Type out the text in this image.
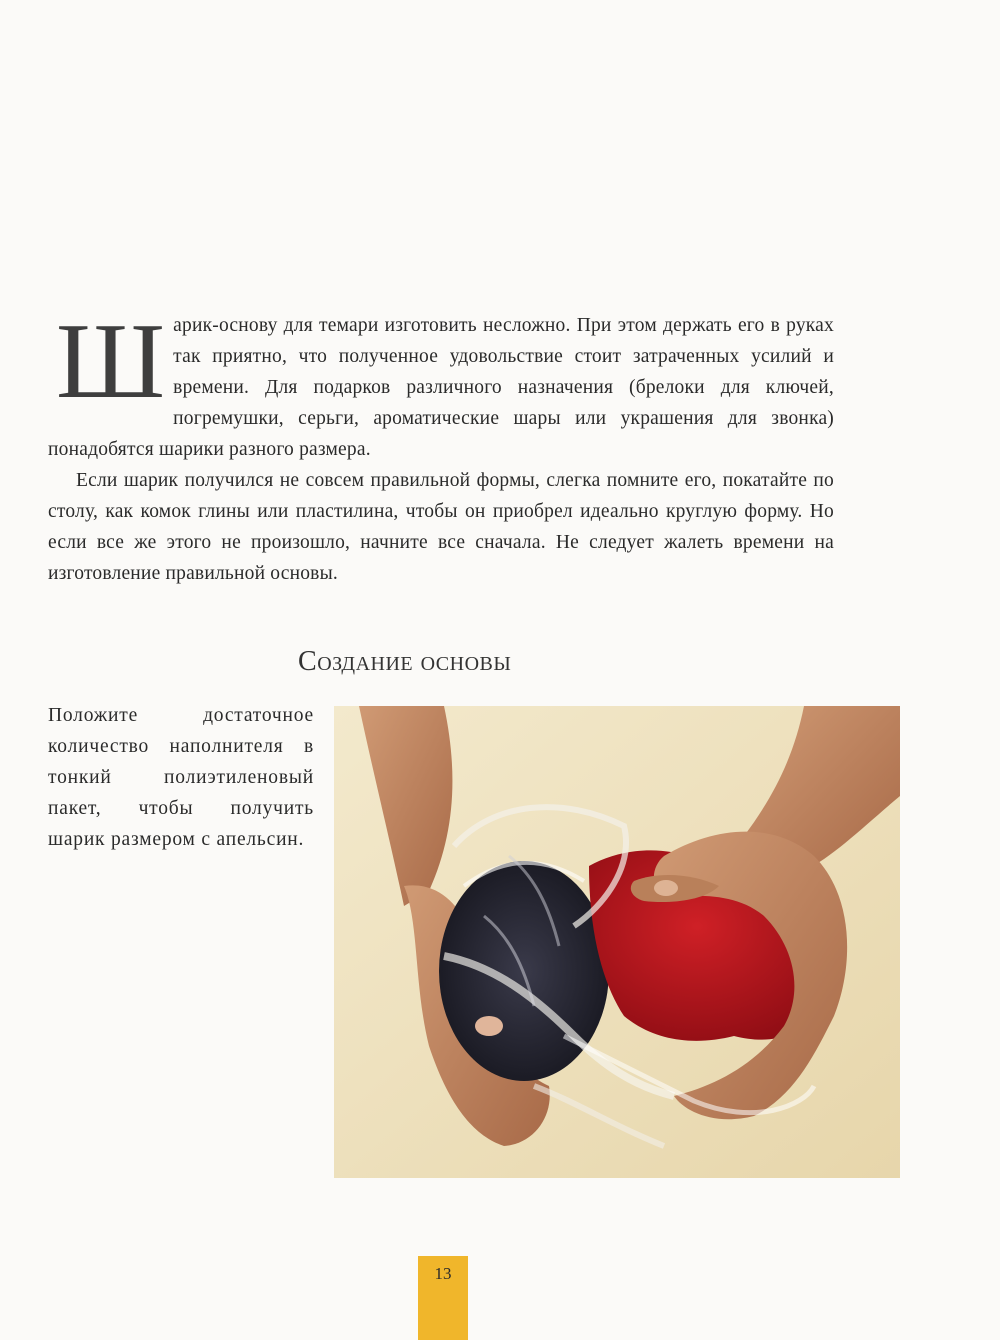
Ш арик-основу для темари изготовить несложно. При этом держать его в руках так приятно, что полученное удовольствие стоит затраченных усилий и времени. Для подарков различного назначения (брелоки для ключей, погремушки, серьги, ароматические шары или украшения для звонка) понадобятся шарики разного размера.

Если шарик получился не совсем правильной формы, слегка помните его, покатайте по столу, как комок глины или пластилина, чтобы он приобрел идеально круглую форму. Но если все же этого не произошло, начните все сначала. Не следует жалеть времени на изготовление правильной основы.

Создание основы

Положите достаточное количество наполнителя в тонкий полиэтиленовый пакет, чтобы получить шарик размером с апельсин.

13
